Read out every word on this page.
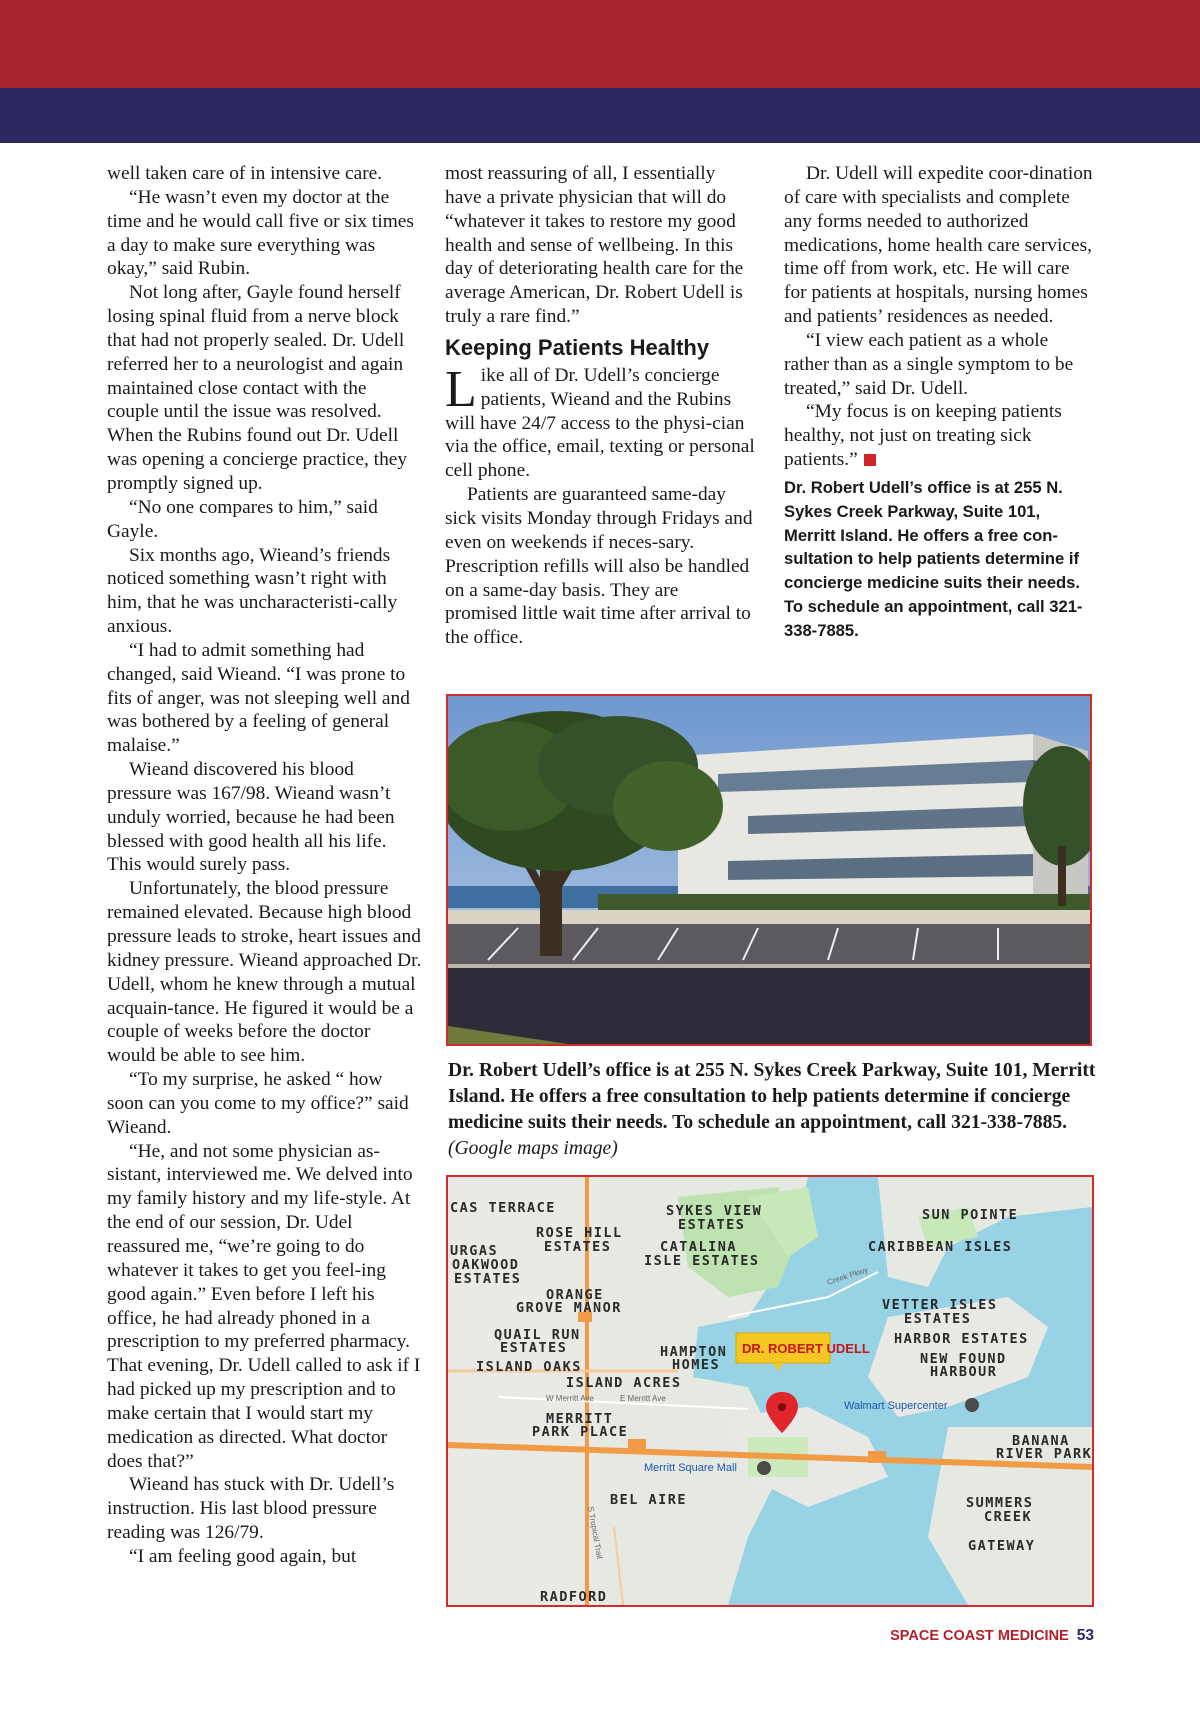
well taken care of in intensive care.

“He wasn’t even my doctor at the time and he would call five or six times a day to make sure everything was okay,” said Rubin.

Not long after, Gayle found herself losing spinal fluid from a nerve block that had not properly sealed. Dr. Udell referred her to a neurologist and again maintained close contact with the couple until the issue was resolved. When the Rubins found out Dr. Udell was opening a concierge practice, they promptly signed up.

“No one compares to him,” said Gayle.

Six months ago, Wieand’s friends noticed something wasn’t right with him, that he was uncharacteristi-cally anxious.

“I had to admit something had changed, said Wieand. “I was prone to fits of anger, was not sleeping well and was bothered by a feeling of general malaise.”

Wieand discovered his blood pressure was 167/98. Wieand wasn’t unduly worried, because he had been blessed with good health all his life. This would surely pass.

Unfortunately, the blood pressure remained elevated. Because high blood pressure leads to stroke, heart issues and kidney pressure. Wieand approached Dr. Udell, whom he knew through a mutual acquain-tance. He figured it would be a couple of weeks before the doctor would be able to see him.

“To my surprise, he asked “ how soon can you come to my office?” said Wieand.

“He, and not some physician as-sistant, interviewed me. We delved into my family history and my life-style. At the end of our session, Dr. Udel reassured me, “we’re going to do whatever it takes to get you feel-ing good again.” Even before I left his office, he had already phoned in a prescription to my preferred pharmacy. That evening, Dr. Udell called to ask if I had picked up my prescription and to make certain that I would start my medication as directed. What doctor does that?”

Wieand has stuck with Dr. Udell’s instruction. His last blood pressure reading was 126/79.

“I am feeling good again, but

most reassuring of all, I essentially have a private physician that will do “whatever it takes to restore my good health and sense of wellbeing. In this day of deteriorating health care for the average American, Dr. Robert Udell is truly a rare find.”

Keeping Patients Healthy

Like all of Dr. Udell’s concierge patients, Wieand and the Rubins will have 24/7 access to the physi-cian via the office, email, texting or personal cell phone.

Patients are guaranteed same-day sick visits Monday through Fridays and even on weekends if neces-sary. Prescription refills will also be handled on a same-day basis. They are promised little wait time after arrival to the office.

Dr. Udell will expedite coor-dination of care with specialists and complete any forms needed to authorized medications, home health care services, time off from work, etc. He will care for patients at hospitals, nursing homes and patients’ residences as needed.

“I view each patient as a whole rather than as a single symptom to be treated,” said Dr. Udell.

“My focus is on keeping patients healthy, not just on treating sick patients.”

Dr. Robert Udell’s office is at 255 N. Sykes Creek Parkway, Suite 101, Merritt Island. He offers a free con-sultation to help patients determine if concierge medicine suits their needs. To schedule an appointment, call 321-338-7885.
Dr. Robert Udell’s office is at 255 N. Sykes Creek Parkway, Suite 101, Merritt Island. He offers a free consultation to help patients determine if concierge medicine suits their needs. To schedule an appointment, call 321-338-7885. (Google maps image)
CAS TERRACE
ROSE HILL
ESTATES
SYKES VIEW
ESTATES
SUN POINTE
URGAS
OAKWOOD
ESTATES
CATALINA
ISLE ESTATES
CARIBBEAN ISLES
ORANGE
GROVE MANOR	VETTER ISLES
ESTATES
HARBOR ESTATES
QUAIL RUN
ESTATES	HAMPTON
HOMES	NEW FOUND
HARBOUR
ISLAND OAKS
ISLAND ACRES
MERRITT
PARK PLACE
BANANA
RIVER PARK
BEL AIRE	SUMMERS
CREEK
GATEWAY
RADFORD
W Merritt Ave	E Merritt Ave
Creek Pkwy
S Tropical Trail
Walmart Supercenter
Merritt Square Mall
DR. ROBERT UDELL
SPACE COAST MEDICINE 53
